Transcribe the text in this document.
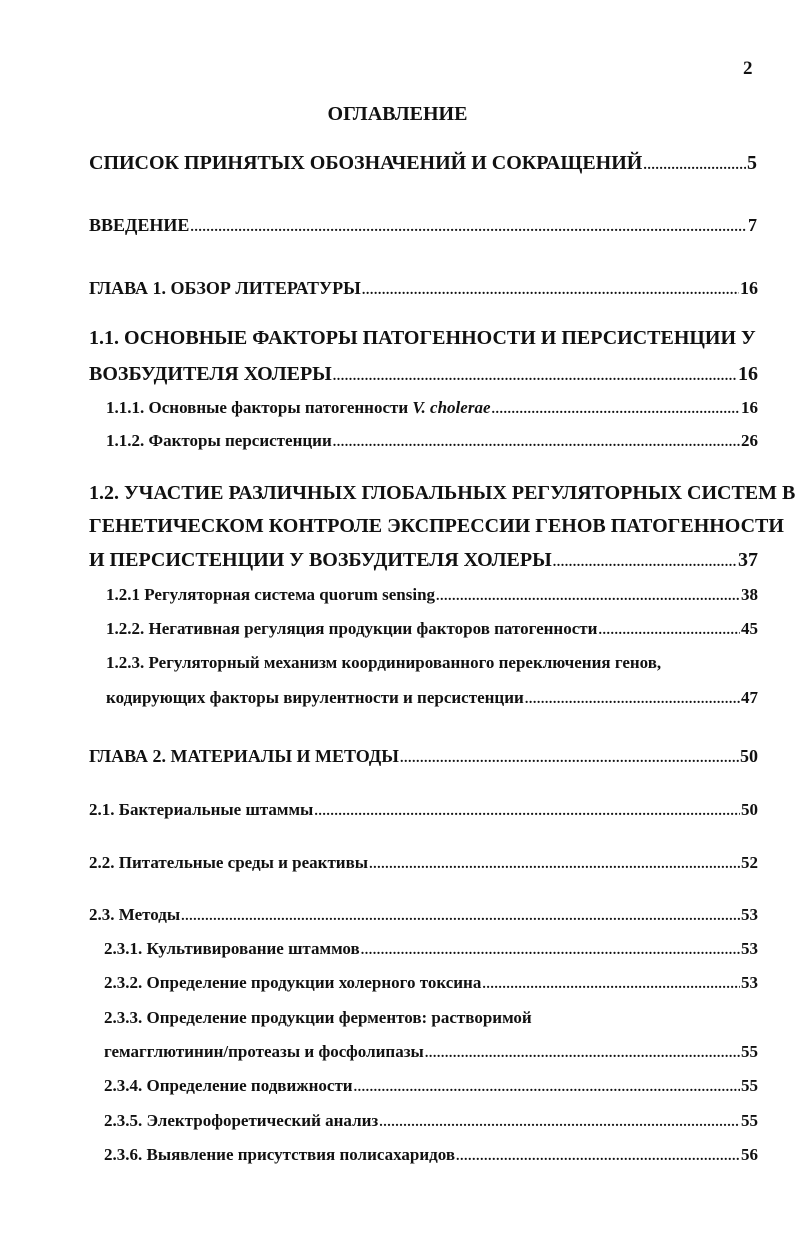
2
ОГЛАВЛЕНИЕ
СПИСОК ПРИНЯТЫХ ОБОЗНАЧЕНИЙ И СОКРАЩЕНИЙ .....	5
ВВЕДЕНИЕ .....	7
ГЛАВА 1. ОБЗОР ЛИТЕРАТУРЫ .....	16
1.1. ОСНОВНЫЕ ФАКТОРЫ ПАТОГЕННОСТИ И ПЕРСИСТЕНЦИИ У
ВОЗБУДИТЕЛЯ ХОЛЕРЫ .....	16
1.1.1. Основные факторы патогенности V. cholerae .....	16
1.1.2. Факторы персистенции .....	26
1.2. УЧАСТИЕ РАЗЛИЧНЫХ ГЛОБАЛЬНЫХ РЕГУЛЯТОРНЫХ СИСТЕМ В
ГЕНЕТИЧЕСКОМ КОНТРОЛЕ ЭКСПРЕССИИ ГЕНОВ ПАТОГЕННОСТИ
И ПЕРСИСТЕНЦИИ У ВОЗБУДИТЕЛЯ ХОЛЕРЫ .....	37
1.2.1 Регуляторная система quorum sensing .....	38
1.2.2. Негативная регуляция продукции факторов патогенности .....	45
1.2.3. Регуляторный механизм координированного переключения генов,
кодирующих факторы вирулентности и персистенции .....	47
ГЛАВА 2. МАТЕРИАЛЫ И МЕТОДЫ .....	50
2.1. Бактериальные штаммы .....	50
2.2. Питательные среды и реактивы .....	52
2.3. Методы .....	53
2.3.1. Культивирование штаммов .....	53
2.3.2. Определение продукции холерного токсина .....	53
2.3.3. Определение продукции ферментов: растворимой
гемагглютинин/протеазы и фосфолипазы .....	55
2.3.4. Определение подвижности .....	55
2.3.5. Электрофоретический анализ .....	55
2.3.6. Выявление присутствия полисахаридов .....	56
